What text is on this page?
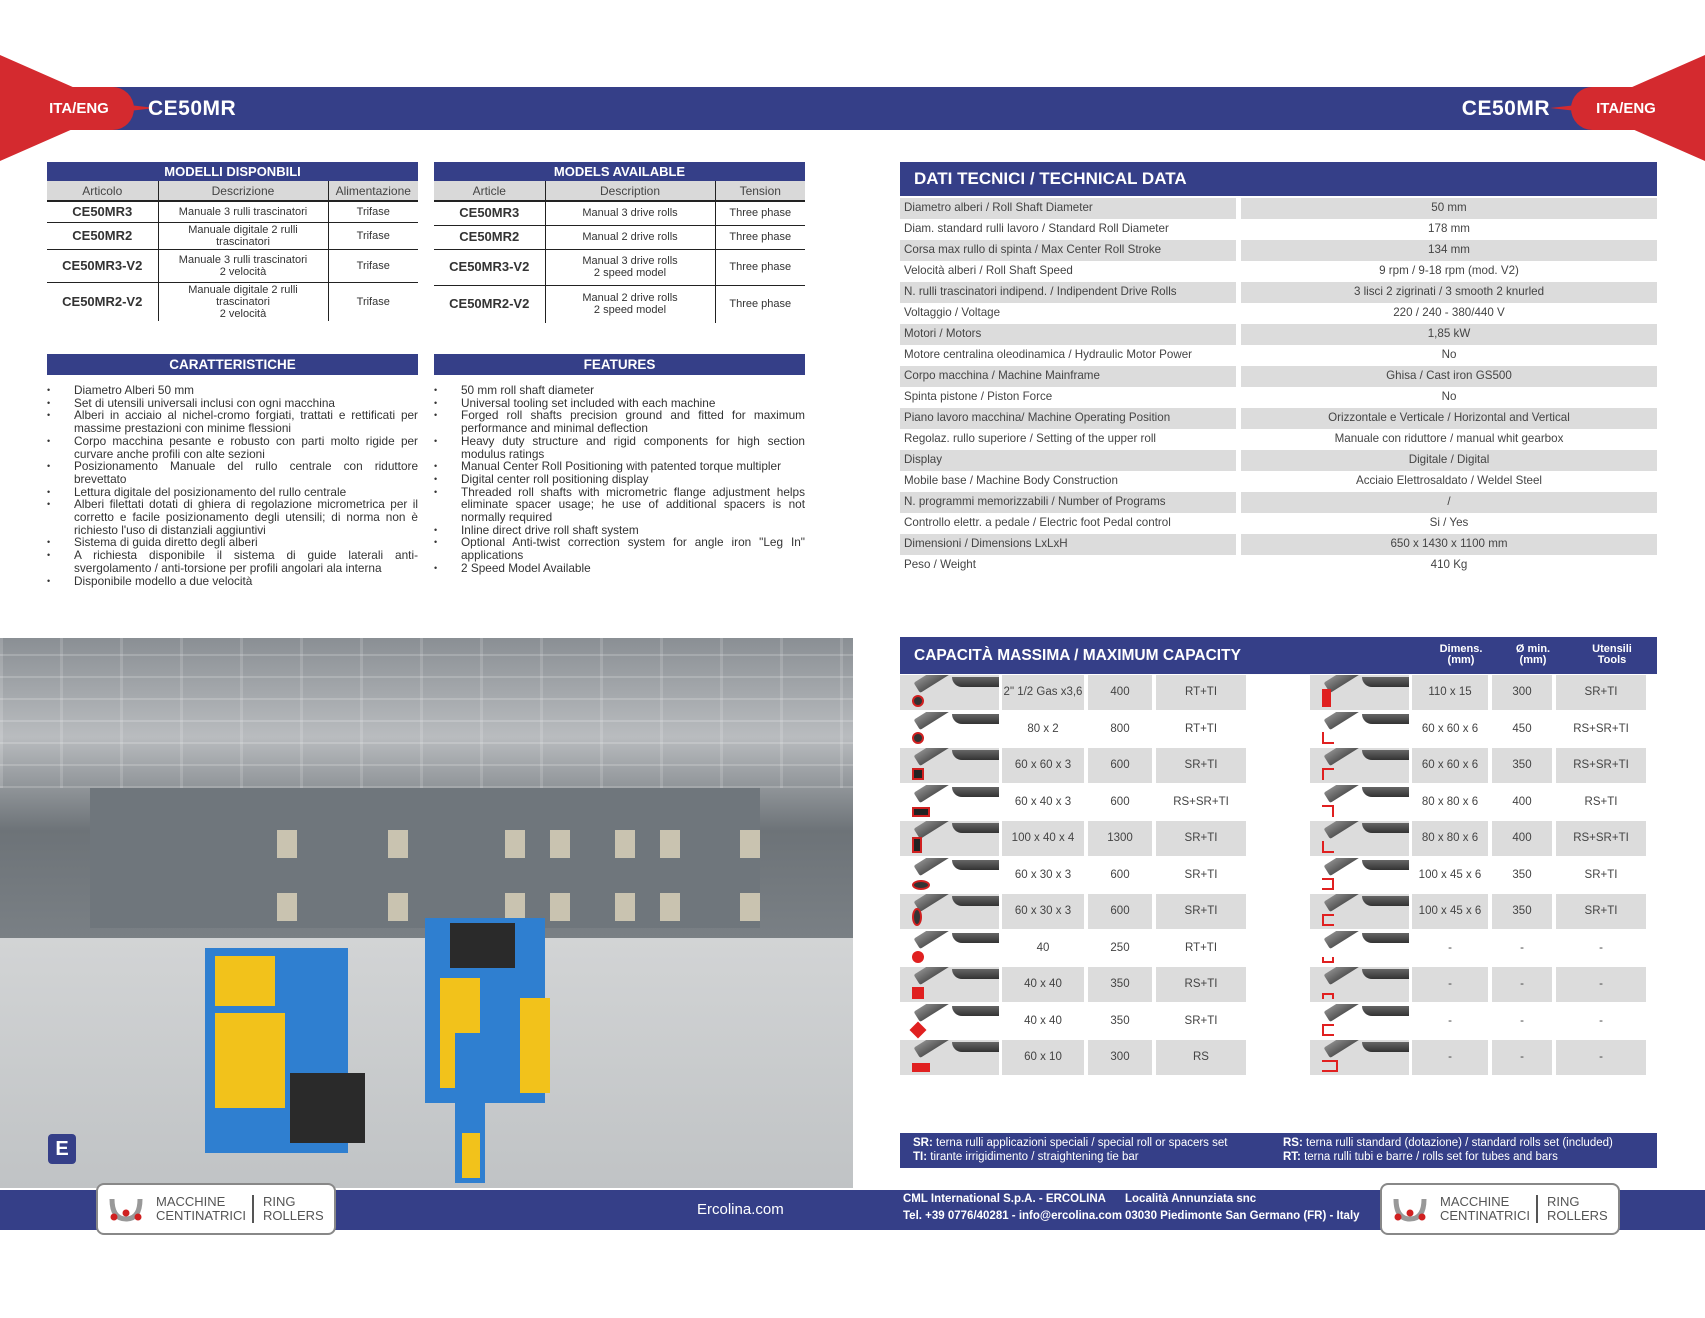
ITA/ENG	ITA/ENG
CE50MR	CE50MR
MODELLI DISPONBILI		
Articolo	Descrizione	Alimentazione
CE50MR3	Manuale 3 rulli trascinatori	Trifase
CE50MR2	Manuale digitale 2 rulli trascinatori	Trifase
CE50MR3-V2	Manuale 3 rulli trascinatori
2 velocità	Trifase
CE50MR2-V2	Manuale digitale 2 rulli trascinatori
2 velocità	Trifase
MODELS AVAILABLE		
Article	Description	Tension
CE50MR3	Manual 3 drive rolls	Three phase
CE50MR2	Manual 2 drive rolls	Three phase
CE50MR3-V2	Manual 3 drive rolls
2 speed model	Three phase
CE50MR2-V2	Manual 2 drive rolls
2 speed model	Three phase
CARATTERISTICHE
• Diametro Alberi 50 mm
• Set di utensili universali inclusi con ogni macchina
• Alberi in acciaio al nichel-cromo forgiati, trattati e rettificati per massime prestazioni con minime flessioni
• Corpo macchina pesante e robusto con parti molto rigide per curvare anche profili con alte sezioni
• Posizionamento Manuale del rullo centrale con riduttore brevettato
• Lettura digitale del posizionamento del rullo centrale
• Alberi filettati dotati di ghiera di regolazione micrometrica per il corretto e facile posizionamento degli utensili; di norma non è richiesto l'uso di distanziali aggiuntivi
• Sistema di guida diretto degli alberi
• A richiesta disponibile il sistema di guide laterali anti-svergolamento / anti-torsione per profili angolari ala interna
• Disponibile modello a due velocità
FEATURES
• 50 mm roll shaft diameter
• Universal tooling set included with each machine
• Forged roll shafts precision ground and fitted for maximum performance and minimal deflection
• Heavy duty structure and rigid components for high section modulus ratings
• Manual Center Roll Positioning with patented torque multipler
• Digital center roll positioning display
• Threaded roll shafts with micrometric flange adjustment helps eliminate spacer usage; he use of additional spacers is not normally required
• Inline direct drive roll shaft system
• Optional Anti-twist correction system for angle iron "Leg In" applications
• 2 Speed Model Available
DATI TECNICI / TECHNICAL DATA
Diametro alberi / Roll Shaft Diameter	50 mm
Diam. standard rulli lavoro / Standard Roll Diameter	178 mm
Corsa max rullo di spinta / Max Center Roll Stroke	134 mm
Velocità alberi / Roll Shaft Speed	9 rpm / 9-18 rpm (mod. V2)
N. rulli trascinatori indipend. / Indipendent Drive Rolls	3 lisci 2 zigrinati / 3 smooth 2 knurled
Voltaggio / Voltage	220 / 240 - 380/440 V
Motori / Motors	1,85 kW
Motore centralina oleodinamica / Hydraulic Motor Power	No
Corpo macchina / Machine Mainframe	Ghisa / Cast iron GS500
Spinta pistone / Piston Force	No
Piano lavoro macchina/ Machine Operating Position	Orizzontale e Verticale / Horizontal and Vertical
Regolaz. rullo superiore / Setting of the upper roll	Manuale con riduttore / manual whit gearbox
Display	Digitale / Digital
Mobile base / Machine Body Construction	Acciaio Elettrosaldato / Weldel Steel
N. programmi memorizzabili / Number of Programs	/
Controllo elettr. a pedale / Electric foot Pedal control	Si / Yes
Dimensioni / Dimensions LxLxH	650 x 1430 x 1100 mm
Peso / Weight	410 Kg
CAPACITÀ MASSIMA / MAXIMUM CAPACITY	Dimens.
(mm)
Ø min.
(mm)
Utensili
Tools
2" 1/2 Gas x3,6	400	RT+TI
80 x 2	800	RT+TI
60 x 60 x 3	600	SR+TI
60 x 40 x 3	600	RS+SR+TI
100 x 40 x 4	1300	SR+TI
60 x 30 x 3	600	SR+TI
60 x 30 x 3	600	SR+TI
40	250	RT+TI
40 x 40	350	RS+TI
40 x 40	350	SR+TI
60 x 10	300	RS
110 x 15	300	SR+TI
60 x 60 x 6	450	RS+SR+TI
60 x 60 x 6	350	RS+SR+TI
80 x 80 x 6	400	RS+TI
80 x 80 x 6	400	RS+SR+TI
100 x 45 x 6	350	SR+TI
100 x 45 x 6	350	SR+TI
-	-	-
-	-	-
-	-	-
-	-	-
SR: terna rulli applicazioni speciali / special roll or spacers set
TI: tirante irrigidimento / straightening tie bar
RS: terna rulli standard (dotazione) / standard rolls set (included)
RT: terna rulli tubi e barre / rolls set for tubes and bars
E
MACCHINE
CENTINATRICI
RING
ROLLERS	Ercolina.com
CML International S.p.A. - ERCOLINA
Tel. +39 0776/40281 - info@ercolina.com
Località Annunziata snc
03030 Piedimonte San Germano (FR) - Italy
MACCHINE
CENTINATRICI
RING
ROLLERS
